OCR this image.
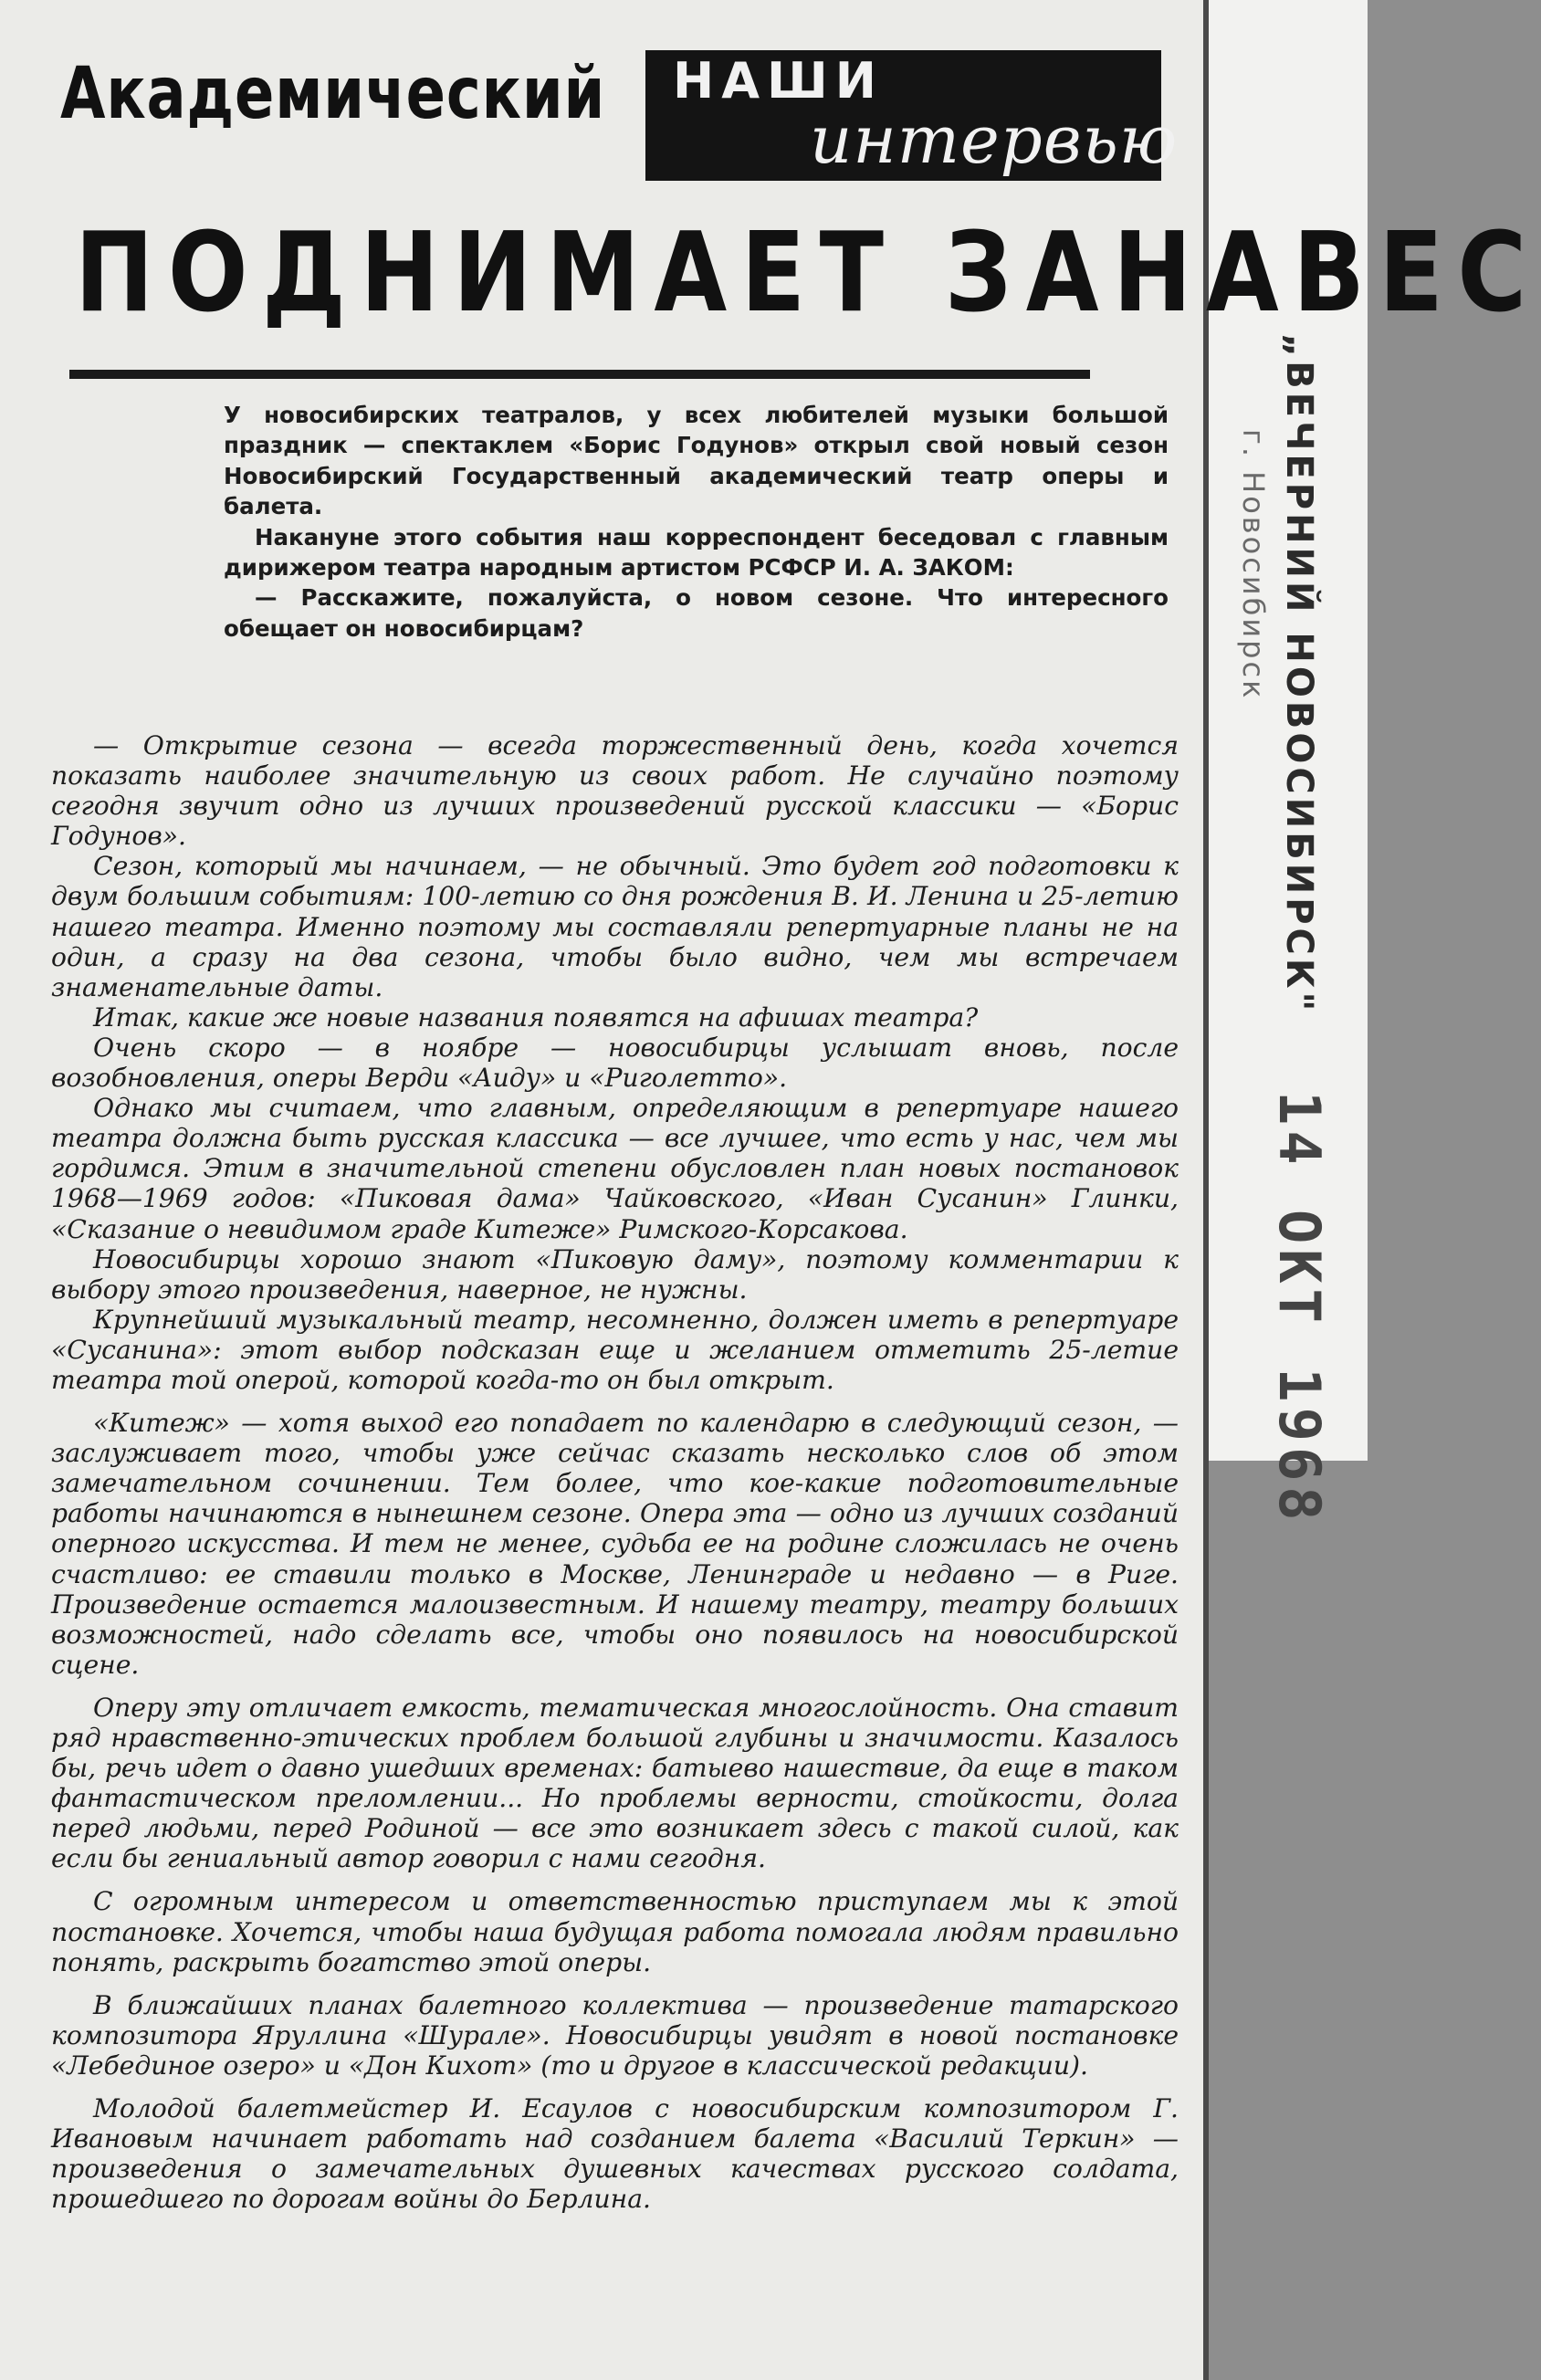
„ВЕЧЕРНИЙ НОВОСИБИРСК"
г. Новосибирск
14 ОКТ 1968
Академический НАШИ
интервью
ПОДНИМАЕТ ЗАНАВЕС

У новосибирских театралов, у всех любителей музыки большой праздник — спектаклем «Борис Годунов» открыл свой новый сезон Новосибирский Государственный академический театр оперы и балета.

Накануне этого события наш корреспондент беседовал с главным дирижером театра народным артистом РСФСР И. А. ЗАКОМ:

— Расскажите, пожалуйста, о новом сезоне. Что интересного обещает он новосибирцам?

— Открытие сезона — всегда торжественный день, когда хочется показать наиболее значительную из своих работ. Не случайно поэтому сегодня звучит одно из лучших произведений русской классики — «Борис Годунов».

Сезон, который мы начинаем, — не обычный. Это будет год подготовки к двум большим событиям: 100-летию со дня рождения В. И. Ленина и 25-летию нашего театра. Именно поэтому мы составляли репертуарные планы не на один, а сразу на два сезона, чтобы было видно, чем мы встречаем знаменательные даты.

Итак, какие же новые названия появятся на афишах театра?

Очень скоро — в ноябре — новосибирцы услышат вновь, после возобновления, оперы Верди «Аиду» и «Риголетто».

Однако мы считаем, что главным, определяющим в репертуаре нашего театра должна быть русская классика — все лучшее, что есть у нас, чем мы гордимся. Этим в значительной степени обусловлен план новых постановок 1968—1969 годов: «Пиковая дама» Чайковского, «Иван Сусанин» Глинки, «Сказание о невидимом граде Китеже» Римского-Корсакова.

Новосибирцы хорошо знают «Пиковую даму», поэтому комментарии к выбору этого произведения, наверное, не нужны.

Крупнейший музыкальный театр, несомненно, должен иметь в репертуаре «Сусанина»: этот выбор подсказан еще и желанием отметить 25-летие театра той оперой, которой когда-то он был открыт.

«Китеж» — хотя выход его попадает по календарю в следующий сезон, — заслуживает того, чтобы уже сейчас сказать несколько слов об этом замечательном сочинении. Тем более, что кое-какие подготовительные работы начинаются в нынешнем сезоне. Опера эта — одно из лучших созданий оперного искусства. И тем не менее, судьба ее на родине сложилась не очень счастливо: ее ставили только в Москве, Ленинграде и недавно — в Риге. Произведение остается малоизвестным. И нашему театру, театру больших возможностей, надо сделать все, чтобы оно появилось на новосибирской сцене.

Оперу эту отличает емкость, тематическая многослойность. Она ставит ряд нравственно-этических проблем большой глубины и значимости. Казалось бы, речь идет о давно ушедших временах: батыево нашествие, да еще в таком фантастическом преломлении... Но проблемы верности, стойкости, долга перед людьми, перед Родиной — все это возникает здесь с такой силой, как если бы гениальный автор говорил с нами сегодня.

С огромным интересом и ответственностью приступаем мы к этой постановке. Хочется, чтобы наша будущая работа помогала людям правильно понять, раскрыть богатство этой оперы.

В ближайших планах балетного коллектива — произведение татарского композитора Яруллина «Шурале». Новосибирцы увидят в новой постановке «Лебединое озеро» и «Дон Кихот» (то и другое в классической редакции).

Молодой балетмейстер И. Есаулов с новосибирским композитором Г. Ивановым начинает работать над созданием балета «Василий Теркин» — произведения о замечательных душевных качествах русского солдата, прошедшего по дорогам войны до Берлина.
